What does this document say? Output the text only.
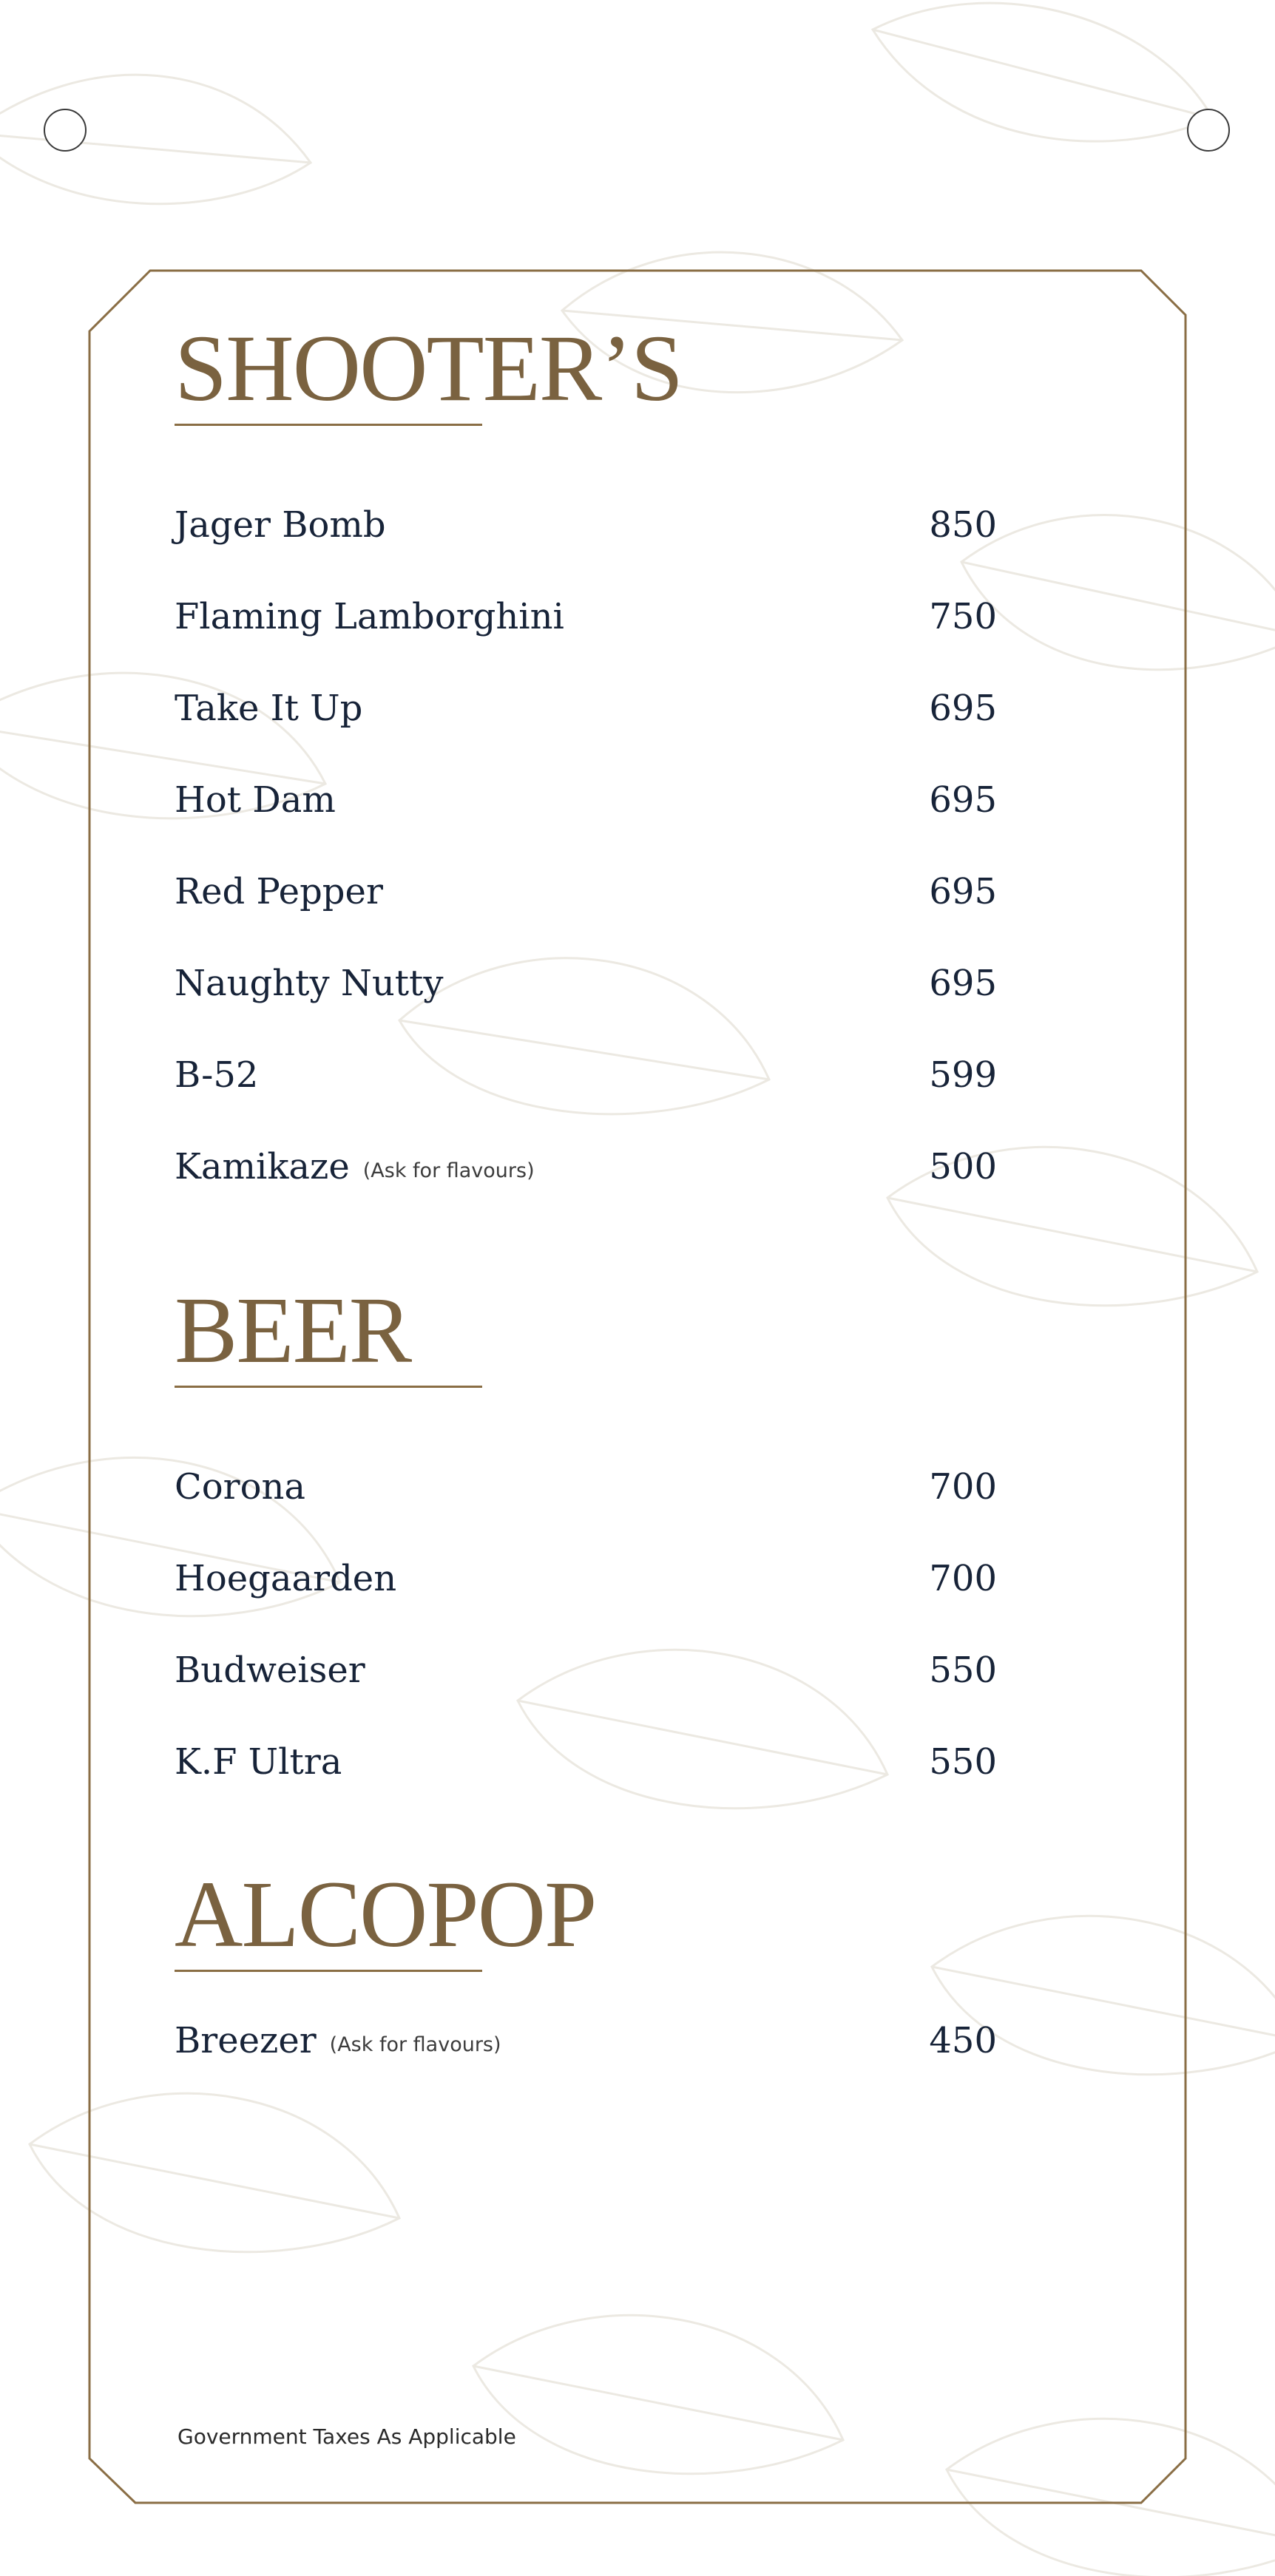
SHOOTER’S
Jager Bomb	850
Flaming Lamborghini	750
Take It Up	695
Hot Dam	695
Red Pepper	695
Naughty Nutty	695
B-52	599
Kamikaze (Ask for flavours)	500
BEER
Corona	700
Hoegaarden	700
Budweiser	550
K.F Ultra	550
ALCOPOP
Breezer (Ask for flavours)	450
Government Taxes As Applicable
